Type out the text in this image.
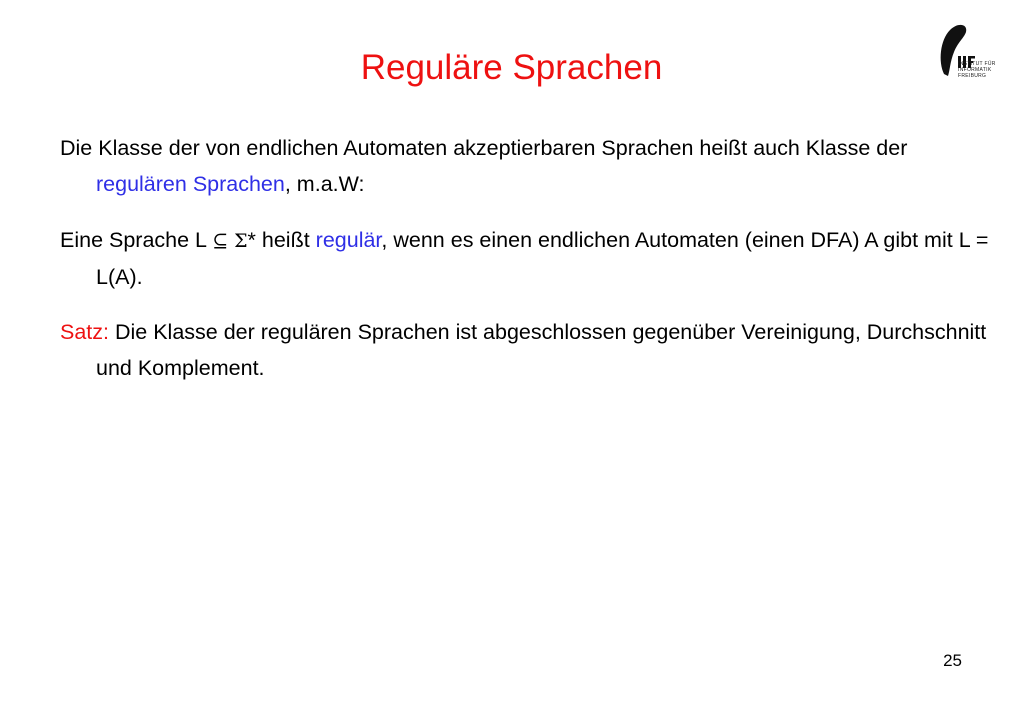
Reguläre Sprachen	INSTITUT FÜR
INFORMATIK
FREIBURG
Die Klasse der von endlichen Automaten akzeptierbaren Sprachen heißt auch Klasse der regulären Sprachen, m.a.W:
Eine Sprache L ⊆ Σ* heißt regulär, wenn es einen endlichen Automaten (einen DFA) A gibt mit L = L(A).
Satz: Die Klasse der regulären Sprachen ist abgeschlossen gegenüber Vereinigung, Durchschnitt und Komplement.
25
